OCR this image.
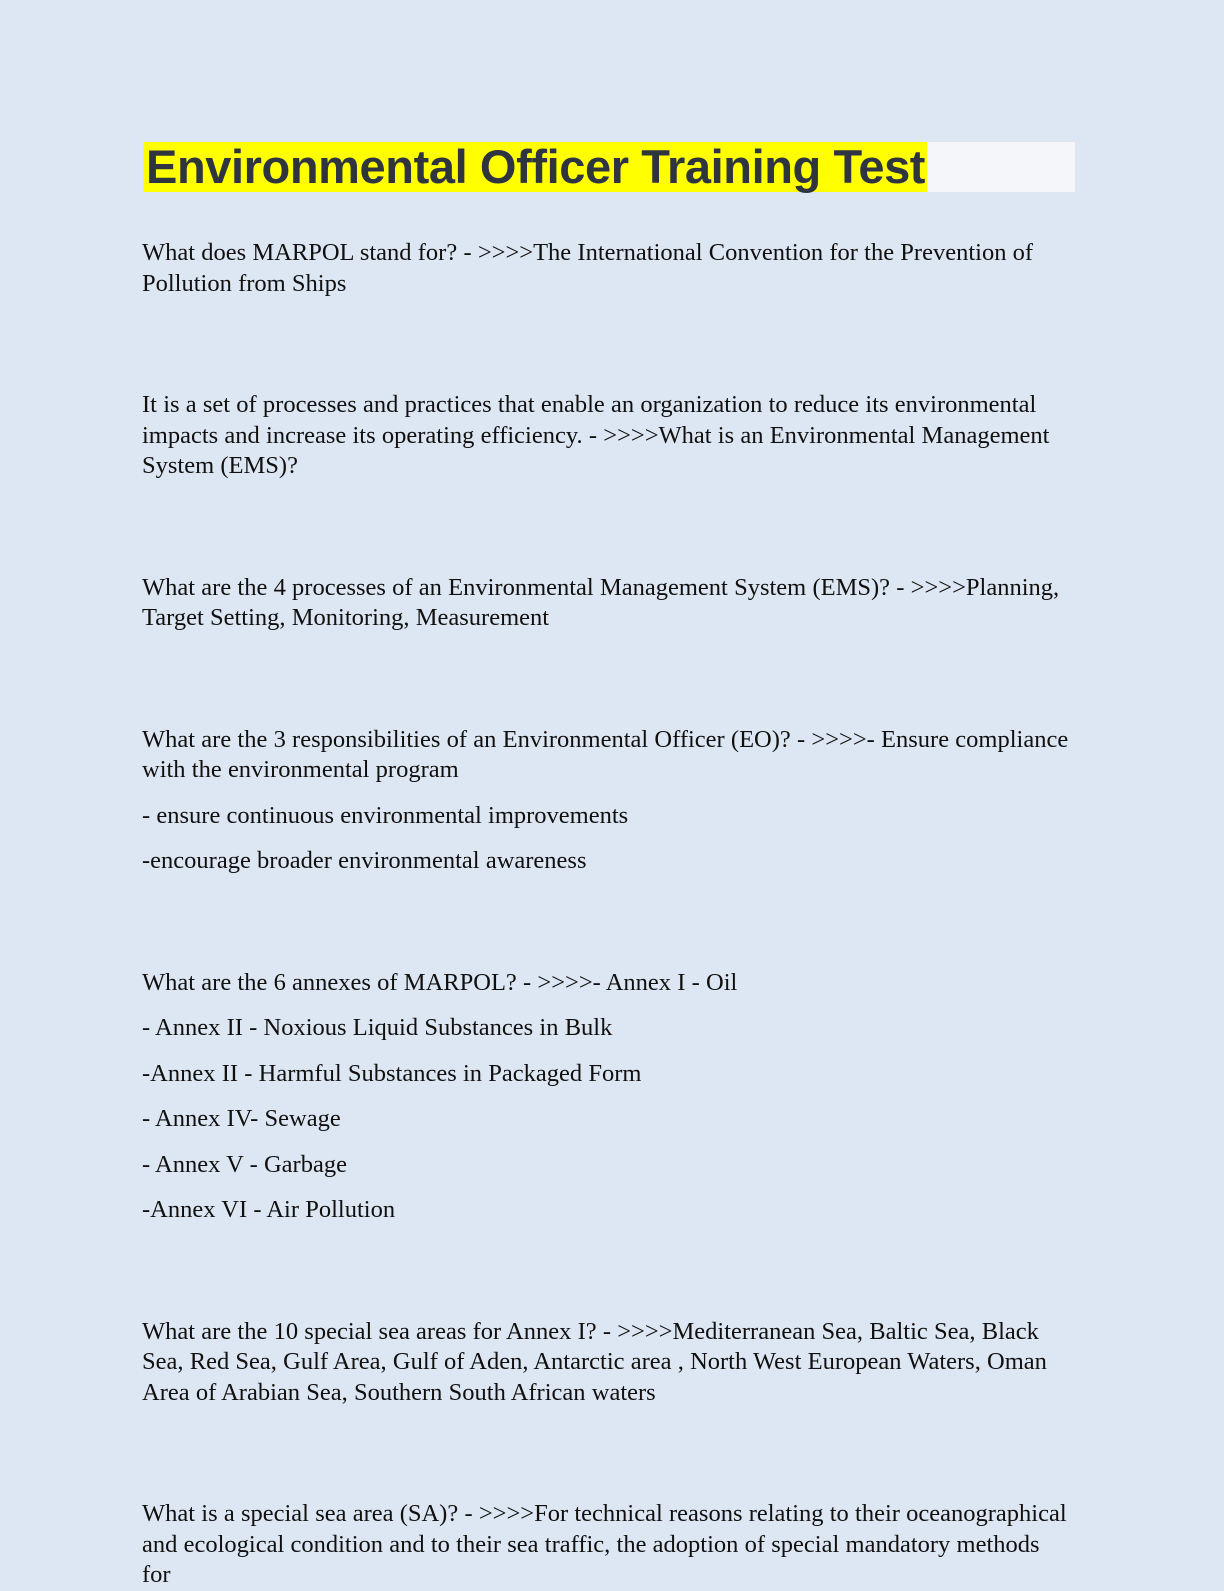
Environmental Officer Training Test

What does MARPOL stand for? - >>>>The International Convention for the Prevention of Pollution from Ships

It is a set of processes and practices that enable an organization to reduce its environmental impacts and increase its operating efficiency. - >>>>What is an Environmental Management System (EMS)?

What are the 4 processes of an Environmental Management System (EMS)? - >>>>Planning, Target Setting, Monitoring, Measurement

What are the 3 responsibilities of an Environmental Officer (EO)? - >>>>- Ensure compliance with the environmental program

- ensure continuous environmental improvements

-encourage broader environmental awareness

What are the 6 annexes of MARPOL? - >>>>- Annex I - Oil

- Annex II - Noxious Liquid Substances in Bulk

-Annex II - Harmful Substances in Packaged Form

- Annex IV- Sewage

- Annex V - Garbage

-Annex VI - Air Pollution

What are the 10 special sea areas for Annex I? - >>>>Mediterranean Sea, Baltic Sea, Black Sea, Red Sea, Gulf Area, Gulf of Aden, Antarctic area , North West European Waters, Oman Area of Arabian Sea, Southern South African waters

What is a special sea area (SA)? - >>>>For technical reasons relating to their oceanographical and ecological condition and to their sea traffic, the adoption of special mandatory methods for
